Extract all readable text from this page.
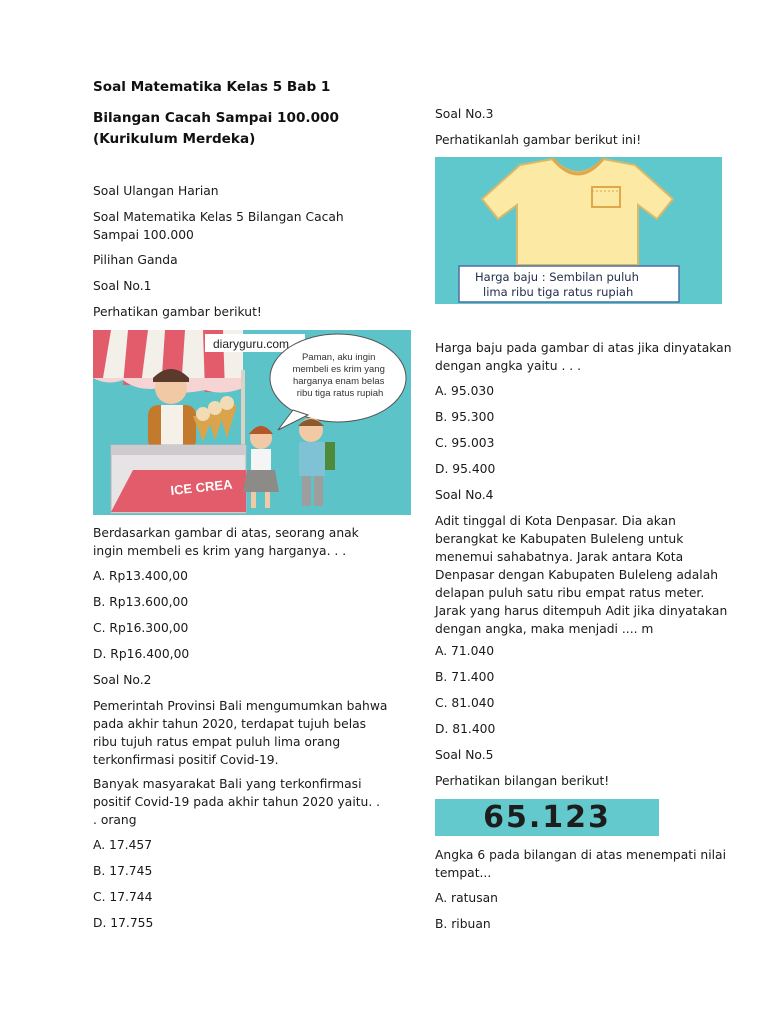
Soal Matematika Kelas 5 Bab 1

Bilangan Cacah Sampai 100.000 (Kurikulum Merdeka)

Soal Ulangan Harian

Soal Matematika Kelas 5 Bilangan Cacah Sampai 100.000

Pilihan Ganda

Soal No.1

Perhatikan gambar berikut!

ICE CREA
diaryguru.com
Paman, aku ingin membeli es krim yang harganya enam belas ribu tiga ratus rupiah

Berdasarkan gambar di atas, seorang anak ingin membeli es krim yang harganya. . .

A. Rp13.400,00

B. Rp13.600,00

C. Rp16.300,00

D. Rp16.400,00

Soal No.2

Pemerintah Provinsi Bali mengumumkan bahwa pada akhir tahun 2020, terdapat tujuh belas ribu tujuh ratus empat puluh lima orang terkonfirmasi positif Covid-19.

Banyak masyarakat Bali yang terkonfirmasi positif Covid-19 pada akhir tahun 2020 yaitu. . . orang

A. 17.457

B. 17.745

C. 17.744

D. 17.755

Soal No.3

Perhatikanlah gambar berikut ini!

Harga baju : Sembilan puluh lima ribu tiga ratus rupiah

Harga baju pada gambar di atas jika dinyatakan dengan angka yaitu . . .

A. 95.030

B. 95.300

C. 95.003

D. 95.400

Soal No.4

Adit tinggal di Kota Denpasar. Dia akan berangkat ke Kabupaten Buleleng untuk menemui sahabatnya. Jarak antara Kota Denpasar dengan Kabupaten Buleleng adalah delapan puluh satu ribu empat ratus meter. Jarak yang harus ditempuh Adit jika dinyatakan dengan angka, maka menjadi .... m

A. 71.040

B. 71.400

C. 81.040

D. 81.400

Soal No.5

Perhatikan bilangan berikut!

65.123

Angka 6 pada bilangan di atas menempati nilai tempat...

A. ratusan

B. ribuan
